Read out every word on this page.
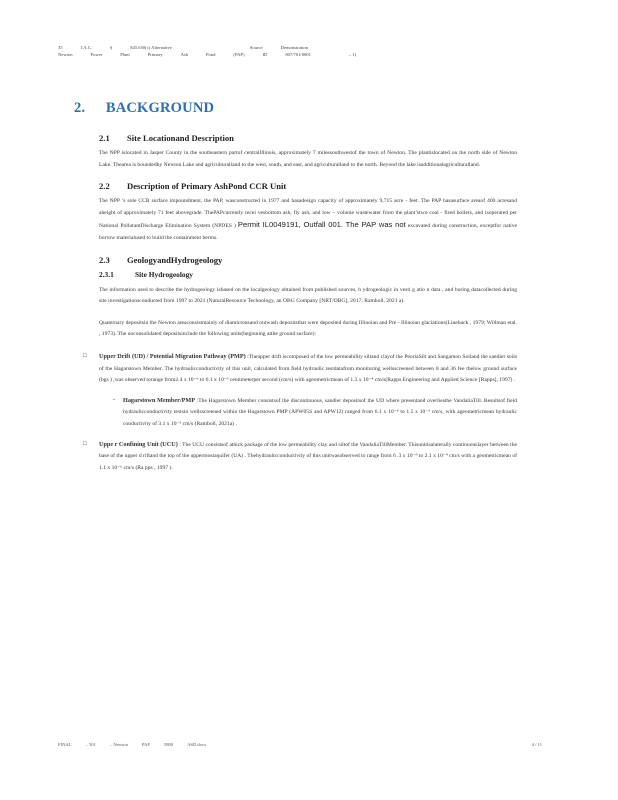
35	I.A.C.	§	845.650(c) Alternative	Source	Demonstration
Newton	Power	Plant	Primary	Ash	Pond	(PAP)	ID	807/701/0001	– 1)
2. BACKGROUND
2.1	Site Locationand Description

The NPP islocated in Jasper County in the southeastern partof centralIllinois, approximately 7 milessouthwestof the town of Newton. The plantislocated on the north side of Newton Lake. Thearea is boundedby Newton Lake and agriculturalland to the west, south, and east, and agriculturalland to the north. Beyond the lake isadditionalagriculturalland.

2.2	Description of Primary AshPond CCR Unit

The NPP ’s sole CCR surface impoundment, the PAP, wasconstructed in 1977 and hasadesign capacity of approximately 9,715 acre - feet. The PAP hasasurface areaof 400 acresand aheight of approximately 71 feet abovegrade. ThePAPcurrently recei vesbottom ash, fly ash, and low – volume wastewater from the plant’stwo coal - fired boilers, and isoperated per National PollutantDischarge Elimination System (NPDES ) Permit IL0049191, Outfall 001. The PAP was not excavated during construction, exceptfor native borrow materialused to build the containment berms.

2.3	GeologyandHydrogeology
2.3.1	Site Hydrogeology

The information used to describe the hydrogeology isbased on the localgeology obtained from published sources, h ydrogeologic in vesti g atio n data , and boring datacollected during site investigationsconducted from 1997 to 2021 (NaturalResource Technology, an OBG Company [NRT/OBG], 2017; Ramboll, 2021 a).

Quaternary depositsin the Newton areaconsistmainly of diamictonsand outwash depositsthat were deposited during Illinoian and Pre - Illinoian glaciations(Lineback , 1979; Willman etal. , 1973). The unconsolidated depositsinclude the following units(beginning atthe ground surface):

□	Upper Drift (UD) / Potential Migration Pathway (PMP) :Theupper drift iscomposed of the low permeability siltand clayof the PeoriaSilt and Sangamon Soiland the sandier soils of the Hagarstown Member. The hydraulicconductivity of this unit, calculated from field hydraulic testdatafrom monitoring wellsscreened between 8 and 36 fee tbelow ground surface (bgs ) ,was observed torange from2.4 x 10⁻⁶ to 6.1 x 10⁻³ centimeterper second (cm/s) with ageometricmean of 1.3 x 10⁻⁴ cm/s(Rapps Engineering and Applied Science [Rapps], 1997) .
-	Hagarstown Member/PMP :The Hagarstown Member consistsof the discontinuous, sandier depositsof the UD where presentand overliesthe VandaliaTill. Resultsof field hydraulicconductivity testsin wellsscreened within the Hagarstown PMP (APW05S and APW12) ranged from 6.1 x 10⁻⁴ to 1.5 x 10⁻³ cm/s, with ageometricmean hydraulic conductivity of 3.1 x 10⁻³ cm/s (Ramboll, 2021a) .
□	Uppe r Confining Unit (UCU) : The UCU consistsof athick package of the low permeability clay and siltof the VandaliaTillMember. Thisunitisalaterally continuouslayer between the base of the upper d riftand the top of the uppermostaquifer (UA) . Thehydraulicconductivity of this unitwasobserved to range from 6 .3 x 10⁻⁹ to 2.1 x 10⁻⁴ cm/s with a geometricmean of 1.1 x 10⁻⁶ cm/s (Ra pps , 1997 ).
FINAL	– 501	– Newton	PAP	5800	ASD.docx	4 / 11
